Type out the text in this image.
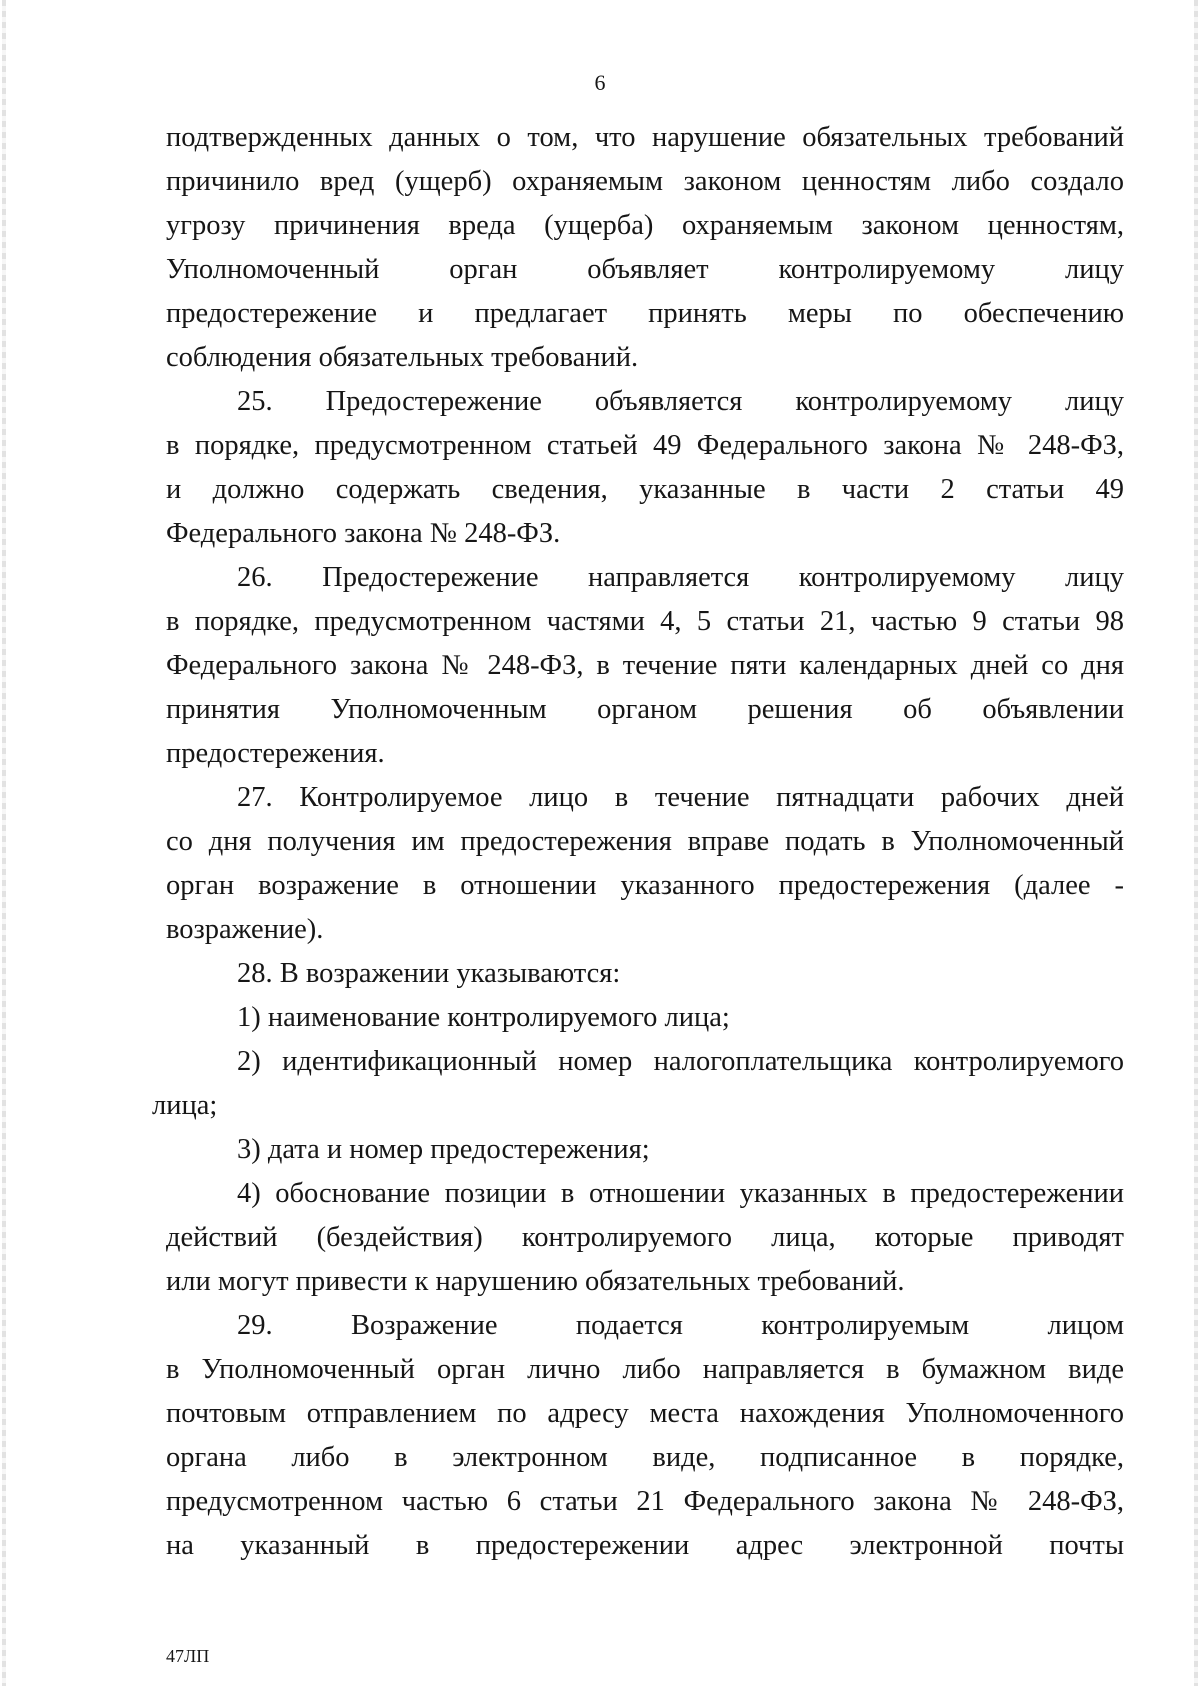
6
подтвержденных данных о том, что нарушение обязательных требований
причинило вред (ущерб) охраняемым законом ценностям либо создало
угрозу причинения вреда (ущерба) охраняемым законом ценностям,
Уполномоченный орган объявляет контролируемому лицу
предостережение и предлагает принять меры по обеспечению
соблюдения обязательных требований.
25. Предостережение объявляется контролируемому лицу
в порядке, предусмотренном статьей 49 Федерального закона № 248-ФЗ,
и должно содержать сведения, указанные в части 2 статьи 49
Федерального закона № 248-ФЗ.
26. Предостережение направляется контролируемому лицу
в порядке, предусмотренном частями 4, 5 статьи 21, частью 9 статьи 98
Федерального закона № 248-ФЗ, в течение пяти календарных дней со дня
принятия Уполномоченным органом решения об объявлении
предостережения.
27. Контролируемое лицо в течение пятнадцати рабочих дней
со дня получения им предостережения вправе подать в Уполномоченный
орган возражение в отношении указанного предостережения (далее -
возражение).
28. В возражении указываются:
1) наименование контролируемого лица;
2) идентификационный номер налогоплательщика контролируемого
лица;
3) дата и номер предостережения;
4) обоснование позиции в отношении указанных в предостережении
действий (бездействия) контролируемого лица, которые приводят
или могут привести к нарушению обязательных требований.
29. Возражение подается контролируемым лицом
в Уполномоченный орган лично либо направляется в бумажном виде
почтовым отправлением по адресу места нахождения Уполномоченного
органа либо в электронном виде, подписанное в порядке,
предусмотренном частью 6 статьи 21 Федерального закона № 248-ФЗ,
на указанный в предостережении адрес электронной почты
47ЛП
